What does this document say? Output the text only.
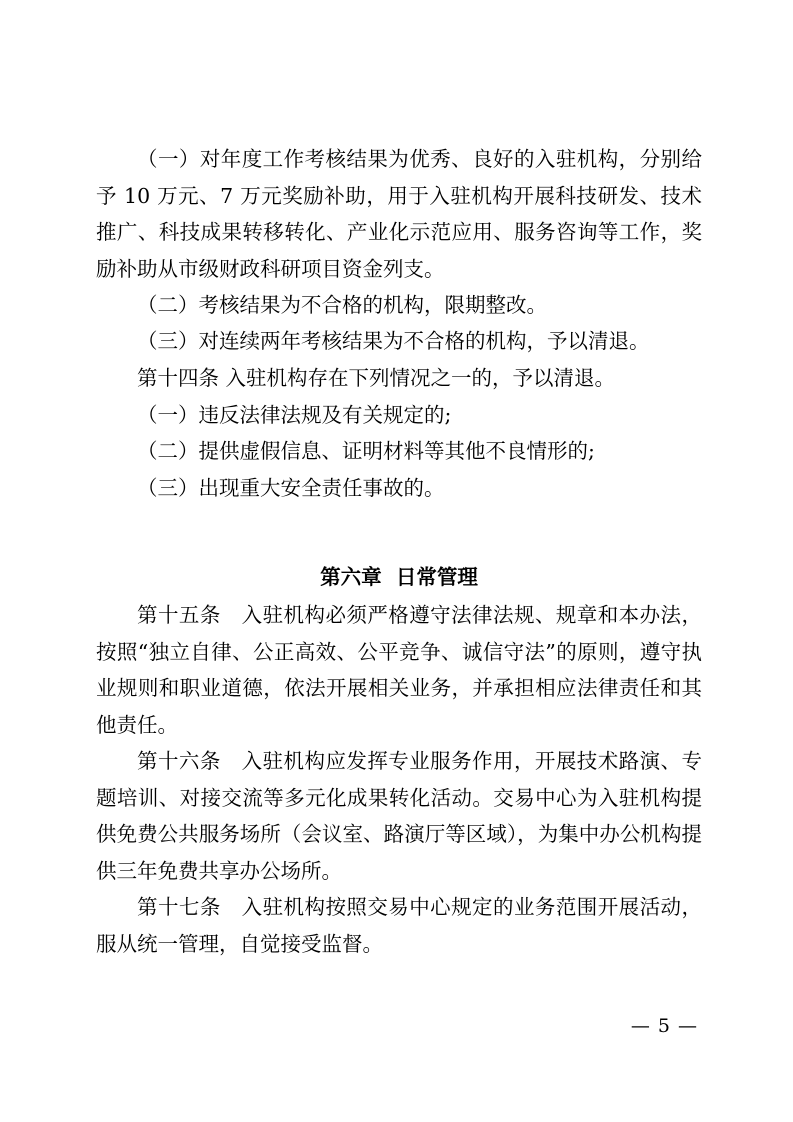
（一）对年度工作考核结果为优秀、良好的入驻机构，分别给予 10 万元、7 万元奖励补助，用于入驻机构开展科技研发、技术推广、科技成果转移转化、产业化示范应用、服务咨询等工作，奖励补助从市级财政科研项目资金列支。

（二）考核结果为不合格的机构，限期整改。

（三）对连续两年考核结果为不合格的机构，予以清退。

第十四条 入驻机构存在下列情况之一的，予以清退。

（一）违反法律法规及有关规定的;

（二）提供虚假信息、证明材料等其他不良情形的;

（三）出现重大安全责任事故的。

第六章  日常管理

第十五条 入驻机构必须严格遵守法律法规、规章和本办法，按照“独立自律、公正高效、公平竞争、诚信守法”的原则，遵守执业规则和职业道德，依法开展相关业务，并承担相应法律责任和其他责任。

第十六条 入驻机构应发挥专业服务作用，开展技术路演、专题培训、对接交流等多元化成果转化活动。交易中心为入驻机构提供免费公共服务场所（会议室、路演厅等区域），为集中办公机构提供三年免费共享办公场所。

第十七条 入驻机构按照交易中心规定的业务范围开展活动，服从统一管理，自觉接受监督。

— 5 —
